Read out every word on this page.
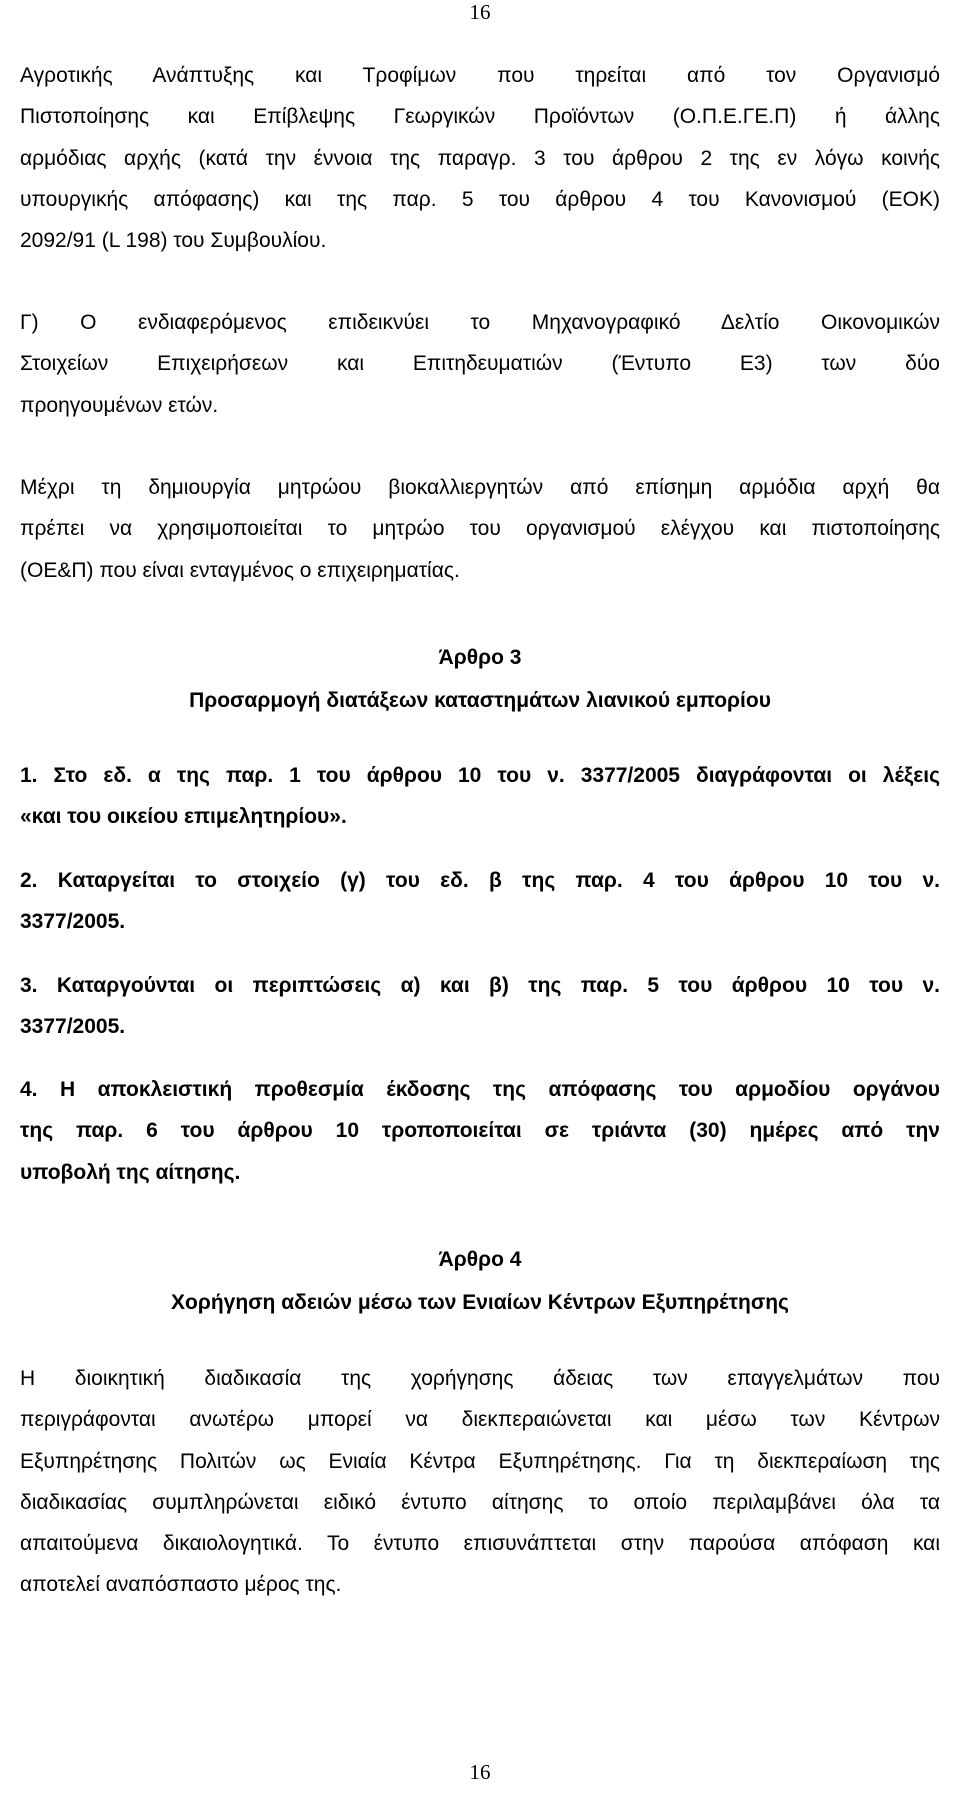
16
Αγροτικής Ανάπτυξης και Τροφίμων που τηρείται από τον Οργανισμό
Πιστοποίησης και Επίβλεψης Γεωργικών Προϊόντων (Ο.Π.Ε.ΓΕ.Π) ή άλλης
αρμόδιας αρχής (κατά την έννοια της παραγρ. 3 του άρθρου 2 της εν λόγω κοινής
υπουργικής απόφασης) και της παρ. 5 του άρθρου 4 του Κανονισμού (ΕΟΚ)
2092/91 (L 198) του Συμβουλίου.
Γ) Ο ενδιαφερόμενος επιδεικνύει το Μηχανογραφικό Δελτίο Οικονομικών
Στοιχείων Επιχειρήσεων και Επιτηδευματιών (Έντυπο Ε3) των δύο
προηγουμένων ετών.
Μέχρι τη δημιουργία μητρώου βιοκαλλιεργητών από επίσημη αρμόδια αρχή θα
πρέπει να χρησιμοποιείται το μητρώο του οργανισμού ελέγχου και πιστοποίησης
(ΟΕ&Π) που είναι ενταγμένος ο επιχειρηματίας.
Άρθρο 3
Προσαρμογή διατάξεων καταστημάτων λιανικού εμπορίου
1. Στο εδ. α της παρ. 1 του άρθρου 10 του ν. 3377/2005 διαγράφονται οι λέξεις
«και του οικείου επιμελητηρίου».
2. Καταργείται το στοιχείο (γ) του εδ. β της παρ. 4 του άρθρου 10 του ν.
3377/2005.
3. Καταργούνται οι περιπτώσεις α) και β) της παρ. 5 του άρθρου 10 του ν.
3377/2005.
4. Η αποκλειστική προθεσμία έκδοσης της απόφασης του αρμοδίου οργάνου
της παρ. 6 του άρθρου 10 τροποποιείται σε τριάντα (30) ημέρες από την
υποβολή της αίτησης.
Άρθρο 4
Χορήγηση αδειών μέσω των Ενιαίων Κέντρων Εξυπηρέτησης
Η διοικητική διαδικασία της χορήγησης άδειας των επαγγελμάτων που
περιγράφονται ανωτέρω μπορεί να διεκπεραιώνεται και μέσω των Κέντρων
Εξυπηρέτησης Πολιτών ως Ενιαία Κέντρα Εξυπηρέτησης. Για τη διεκπεραίωση της
διαδικασίας συμπληρώνεται ειδικό έντυπο αίτησης το οποίο περιλαμβάνει όλα τα
απαιτούμενα δικαιολογητικά. Το έντυπο επισυνάπτεται στην παρούσα απόφαση και
αποτελεί αναπόσπαστο μέρος της.
16
